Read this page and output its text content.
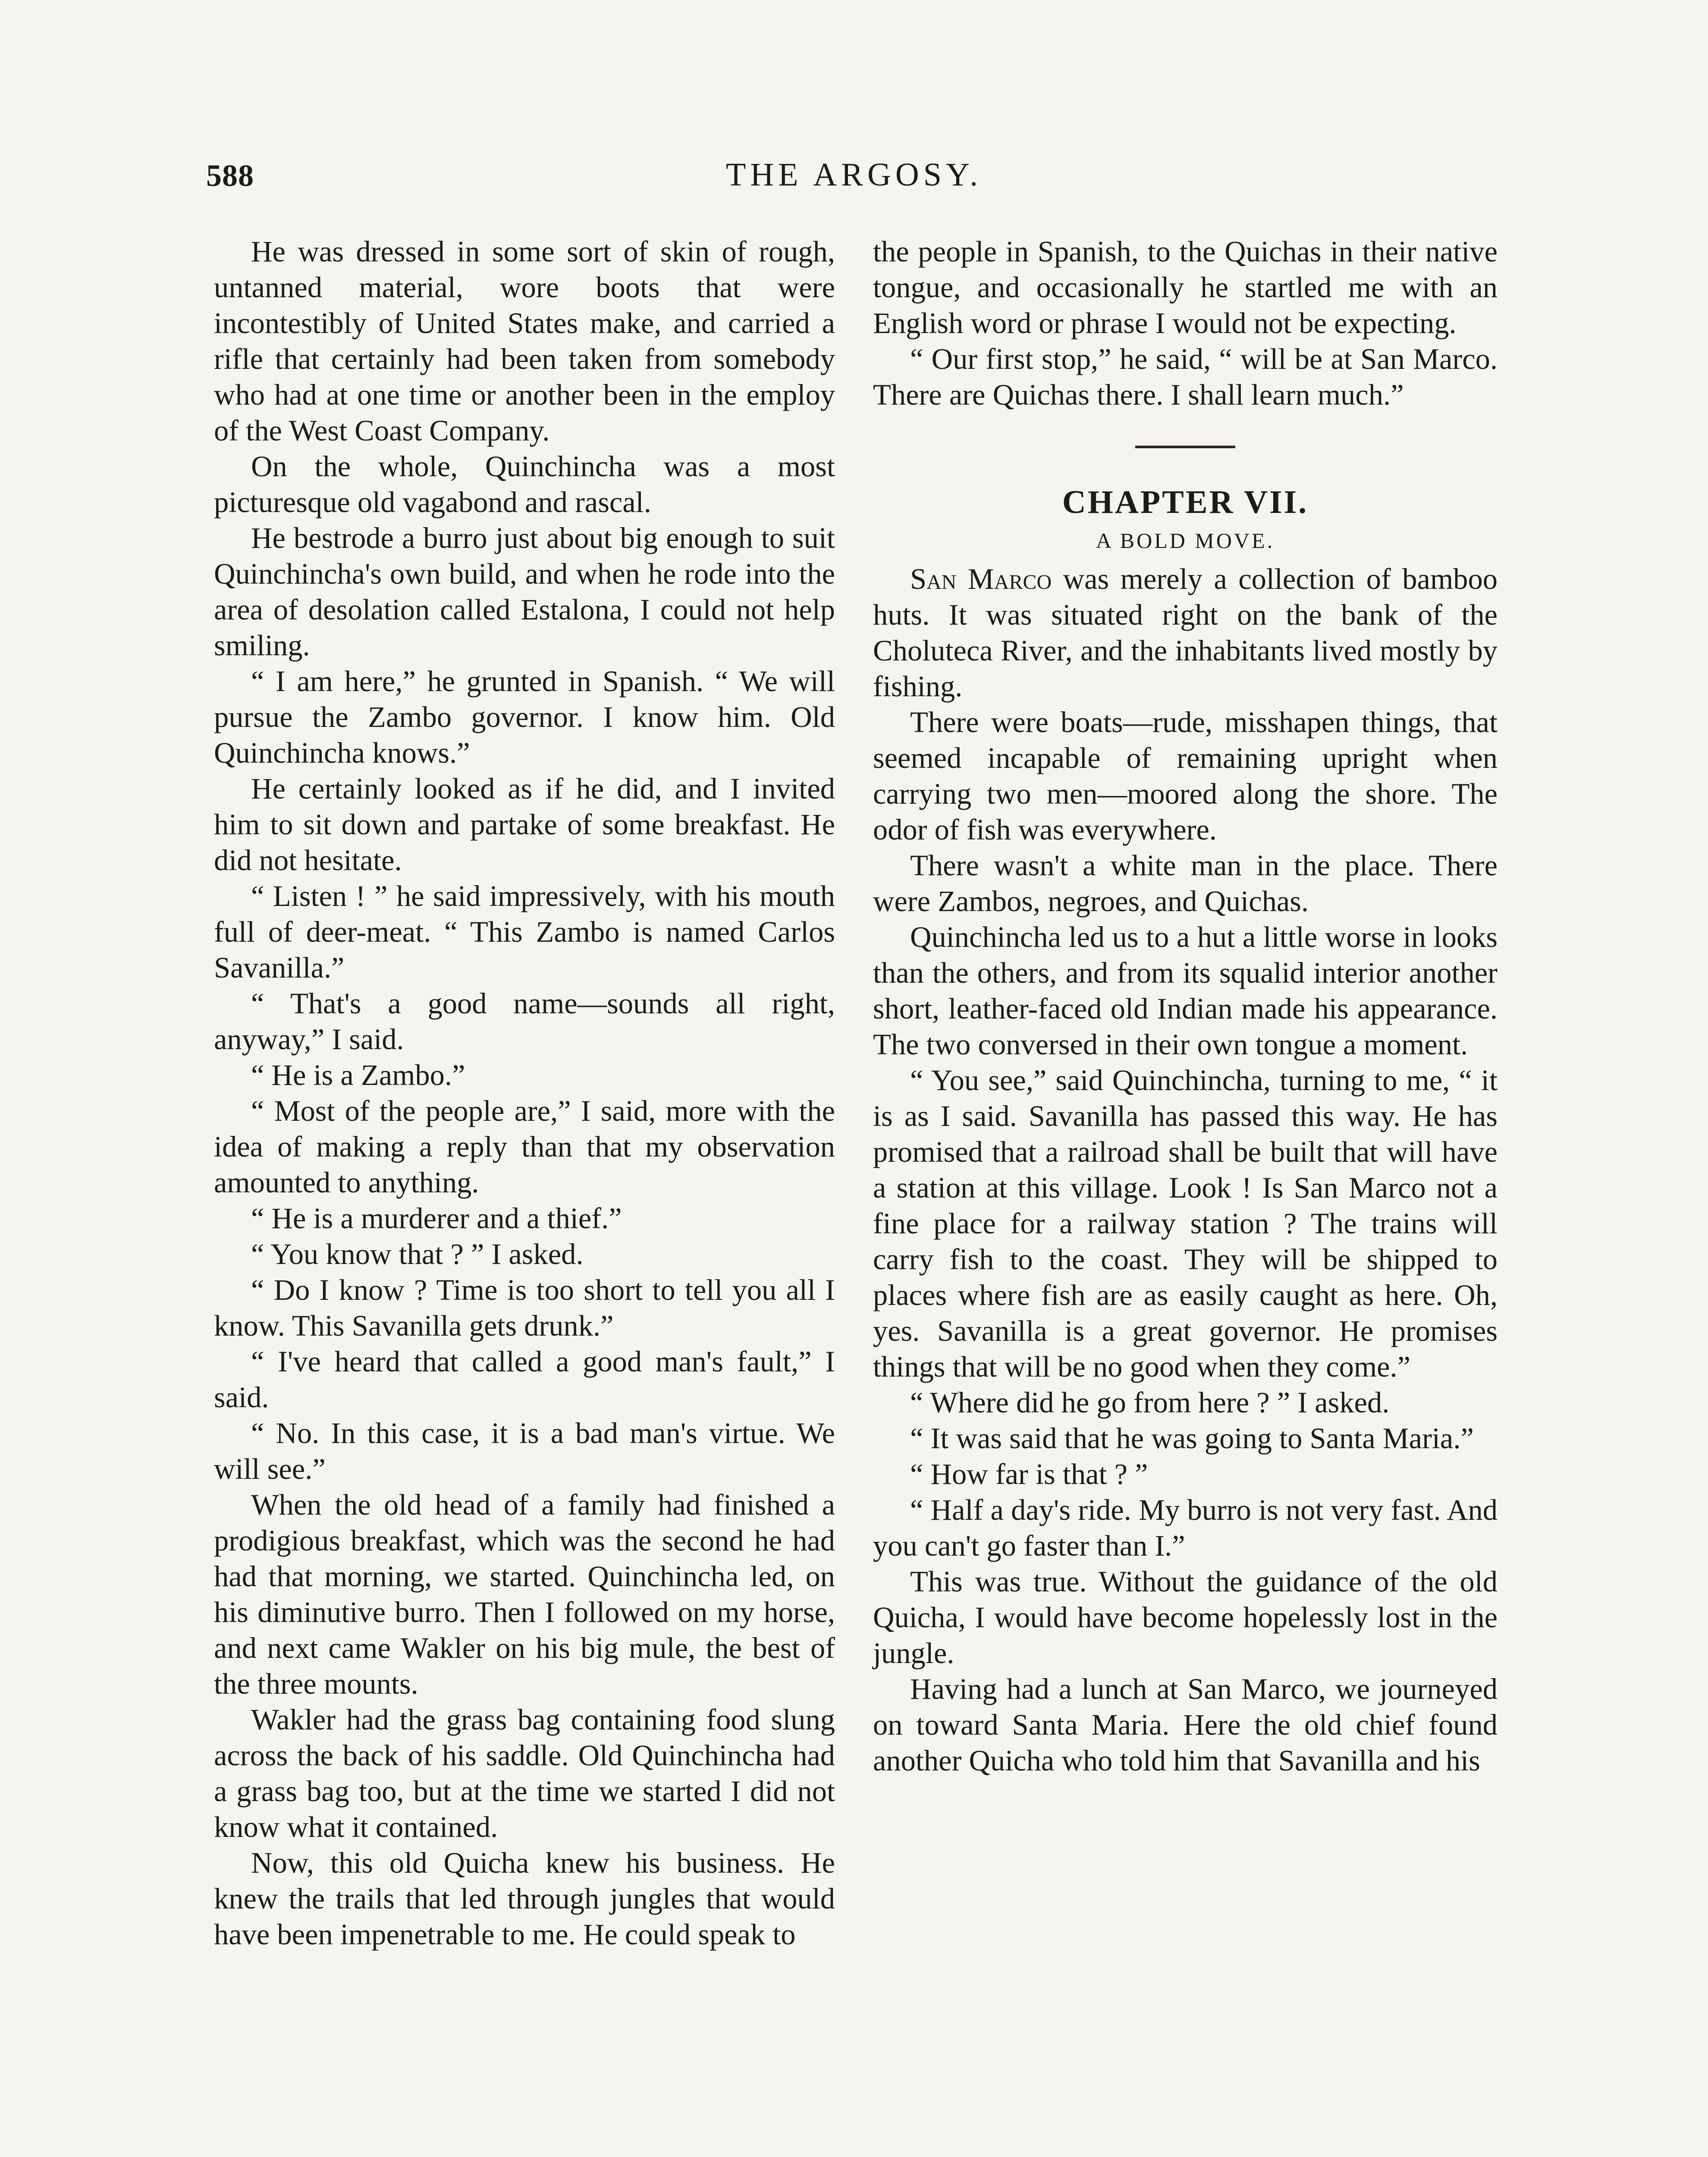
588	THE ARGOSY.

He was dressed in some sort of skin of rough, untanned material, wore boots that were incontestibly of United States make, and carried a rifle that certainly had been taken from somebody who had at one time or another been in the employ of the West Coast Company.

On the whole, Quinchincha was a most picturesque old vagabond and rascal.

He bestrode a burro just about big enough to suit Quinchincha's own build, and when he rode into the area of desolation called Estalona, I could not help smiling.

“ I am here,” he grunted in Spanish. “ We will pursue the Zambo governor. I know him. Old Quinchincha knows.”

He certainly looked as if he did, and I invited him to sit down and partake of some breakfast. He did not hesitate.

“ Listen ! ” he said impressively, with his mouth full of deer-meat. “ This Zambo is named Carlos Savanilla.”

“ That's a good name—sounds all right, anyway,” I said.

“ He is a Zambo.”

“ Most of the people are,” I said, more with the idea of making a reply than that my observation amounted to anything.

“ He is a murderer and a thief.”

“ You know that ? ” I asked.

“ Do I know ? Time is too short to tell you all I know. This Savanilla gets drunk.”

“ I've heard that called a good man's fault,” I said.

“ No. In this case, it is a bad man's virtue. We will see.”

When the old head of a family had finished a prodigious breakfast, which was the second he had had that morning, we started. Quinchincha led, on his diminutive burro. Then I followed on my horse, and next came Wakler on his big mule, the best of the three mounts.

Wakler had the grass bag containing food slung across the back of his saddle. Old Quinchincha had a grass bag too, but at the time we started I did not know what it contained.

Now, this old Quicha knew his business. He knew the trails that led through jungles that would have been impenetrable to me. He could speak to

the people in Spanish, to the Quichas in their native tongue, and occasionally he startled me with an English word or phrase I would not be expecting.

“ Our first stop,” he said, “ will be at San Marco. There are Quichas there. I shall learn much.”

CHAPTER VII.
A BOLD MOVE.

San Marco was merely a collection of bamboo huts. It was situated right on the bank of the Choluteca River, and the inhabitants lived mostly by fishing.

There were boats—rude, misshapen things, that seemed incapable of remaining upright when carrying two men—moored along the shore. The odor of fish was everywhere.

There wasn't a white man in the place. There were Zambos, negroes, and Quichas.

Quinchincha led us to a hut a little worse in looks than the others, and from its squalid interior another short, leather-faced old Indian made his appearance. The two conversed in their own tongue a moment.

“ You see,” said Quinchincha, turning to me, “ it is as I said. Savanilla has passed this way. He has promised that a railroad shall be built that will have a station at this village. Look ! Is San Marco not a fine place for a railway station ? The trains will carry fish to the coast. They will be shipped to places where fish are as easily caught as here. Oh, yes. Savanilla is a great governor. He promises things that will be no good when they come.”

“ Where did he go from here ? ” I asked.

“ It was said that he was going to Santa Maria.”

“ How far is that ? ”

“ Half a day's ride. My burro is not very fast. And you can't go faster than I.”

This was true. Without the guidance of the old Quicha, I would have become hopelessly lost in the jungle.

Having had a lunch at San Marco, we journeyed on toward Santa Maria. Here the old chief found another Quicha who told him that Savanilla and his
